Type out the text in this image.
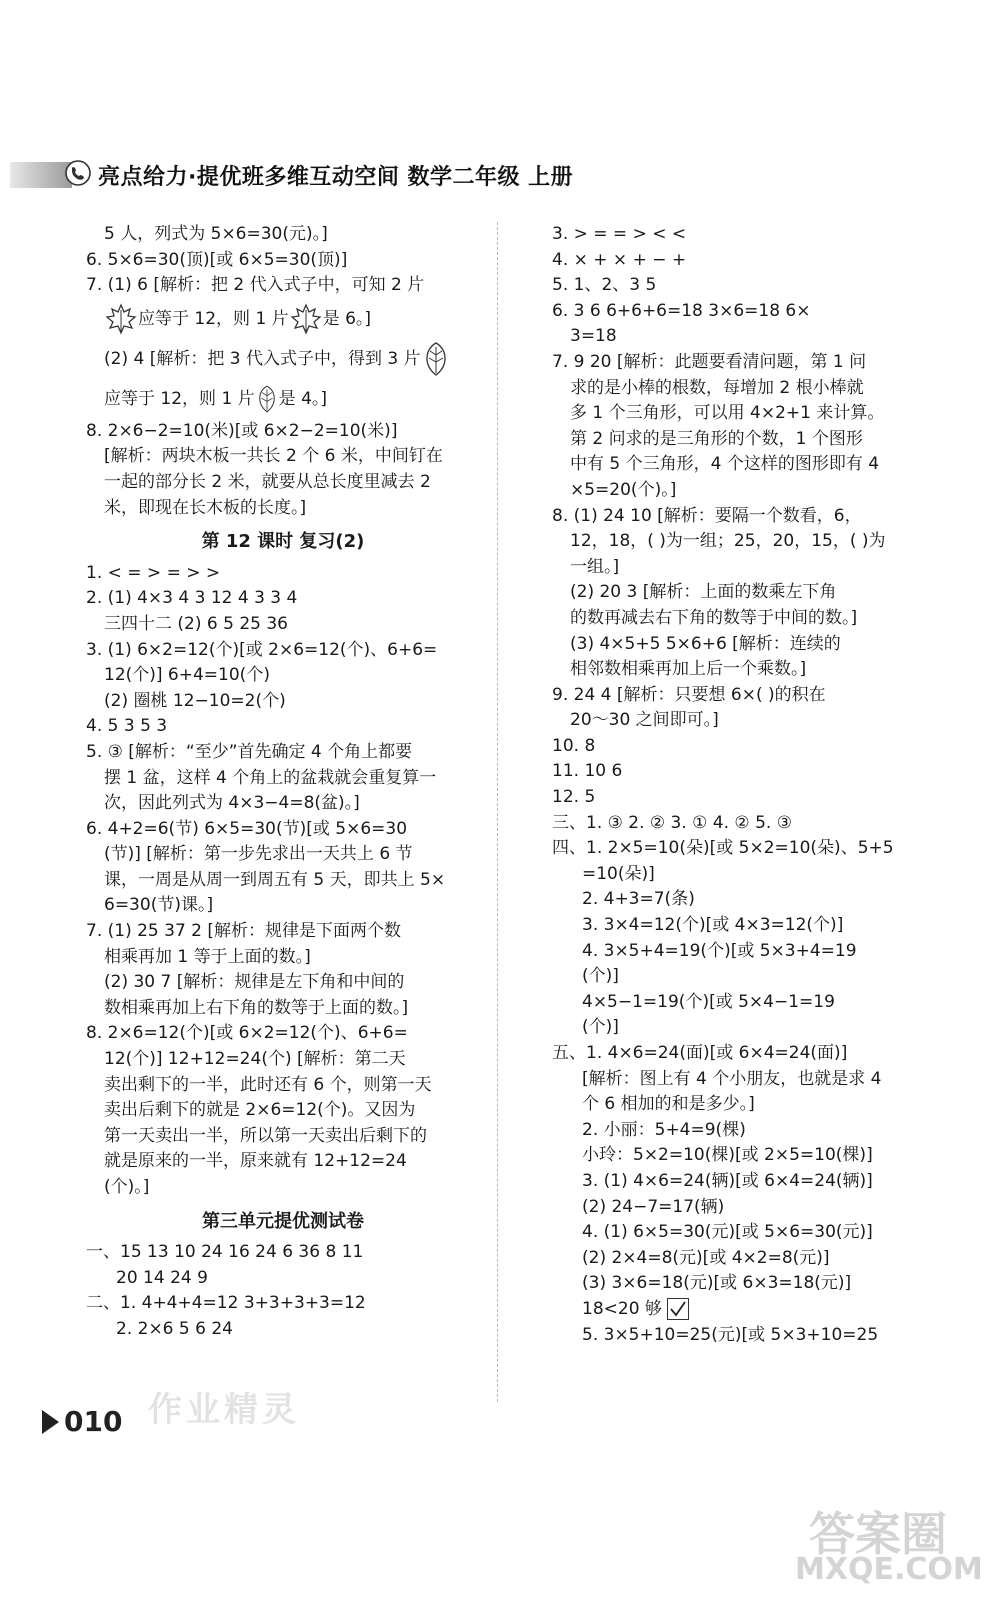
亮点给力·提优班多维互动空间 数学二年级 上册
5 人，列式为 5×6=30(元)。]
6. 5×6=30(顶)[或 6×5=30(顶)]
7. (1) 6 [解析：把 2 代入式子中，可知 2 片
应等于 12，则 1 片 是 6。]
(2) 4 [解析：把 3 代入式子中，得到 3 片
应等于 12，则 1 片 是 4。]
8. 2×6−2=10(米)[或 6×2−2=10(米)]
[解析：两块木板一共长 2 个 6 米，中间钉在
一起的部分长 2 米，就要从总长度里减去 2
米，即现在长木板的长度。]
第 12 课时 复习(2)
1. < = > = > >
2. (1) 4×3 4 3 12 4 3 3 4
三四十二 (2) 6 5 25 36
3. (1) 6×2=12(个)[或 2×6=12(个)、6+6=
12(个)] 6+4=10(个)
(2) 圈桃 12−10=2(个)
4. 5 3 5 3
5. ③ [解析：“至少”首先确定 4 个角上都要
摆 1 盆，这样 4 个角上的盆栽就会重复算一
次，因此列式为 4×3−4=8(盆)。]
6. 4+2=6(节) 6×5=30(节)[或 5×6=30
(节)] [解析：第一步先求出一天共上 6 节
课，一周是从周一到周五有 5 天，即共上 5×
6=30(节)课。]
7. (1) 25 37 2 [解析：规律是下面两个数
相乘再加 1 等于上面的数。]
(2) 30 7 [解析：规律是左下角和中间的
数相乘再加上右下角的数等于上面的数。]
8. 2×6=12(个)[或 6×2=12(个)、6+6=
12(个)] 12+12=24(个) [解析：第二天
卖出剩下的一半，此时还有 6 个，则第一天
卖出后剩下的就是 2×6=12(个)。又因为
第一天卖出一半，所以第一天卖出后剩下的
就是原来的一半，原来就有 12+12=24
(个)。]
第三单元提优测试卷
一、15 13 10 24 16 24 6 36 8 11
20 14 24 9
二、1. 4+4+4=12 3+3+3+3=12
2. 2×6 5 6 24
3. > = = > < <
4. × + × + − +
5. 1、2、3 5
6. 3 6 6+6+6=18 3×6=18 6×
3=18
7. 9 20 [解析：此题要看清问题，第 1 问
求的是小棒的根数，每增加 2 根小棒就
多 1 个三角形，可以用 4×2+1 来计算。
第 2 问求的是三角形的个数，1 个图形
中有 5 个三角形，4 个这样的图形即有 4
×5=20(个)。]
8. (1) 24 10 [解析：要隔一个数看，6，
12，18，( )为一组；25，20，15，( )为
一组。]
(2) 20 3 [解析：上面的数乘左下角
的数再减去右下角的数等于中间的数。]
(3) 4×5+5 5×6+6 [解析：连续的
相邻数相乘再加上后一个乘数。]
9. 24 4 [解析：只要想 6×( )的积在
20～30 之间即可。]
10. 8
11. 10 6
12. 5
三、1. ③ 2. ② 3. ① 4. ② 5. ③
四、1. 2×5=10(朵)[或 5×2=10(朵)、5+5
=10(朵)]
2. 4+3=7(条)
3. 3×4=12(个)[或 4×3=12(个)]
4. 3×5+4=19(个)[或 5×3+4=19
(个)]
4×5−1=19(个)[或 5×4−1=19
(个)]
五、1. 4×6=24(面)[或 6×4=24(面)]
[解析：图上有 4 个小朋友，也就是求 4
个 6 相加的和是多少。]
2. 小丽：5+4=9(棵)
小玲：5×2=10(棵)[或 2×5=10(棵)]
3. (1) 4×6=24(辆)[或 6×4=24(辆)]
(2) 24−7=17(辆)
4. (1) 6×5=30(元)[或 5×6=30(元)]
(2) 2×4=8(元)[或 4×2=8(元)]
(3) 3×6=18(元)[或 6×3=18(元)]
18<20 够
5. 3×5+10=25(元)[或 5×3+10=25
010 作业精灵
答案圈
MXQE.COM
